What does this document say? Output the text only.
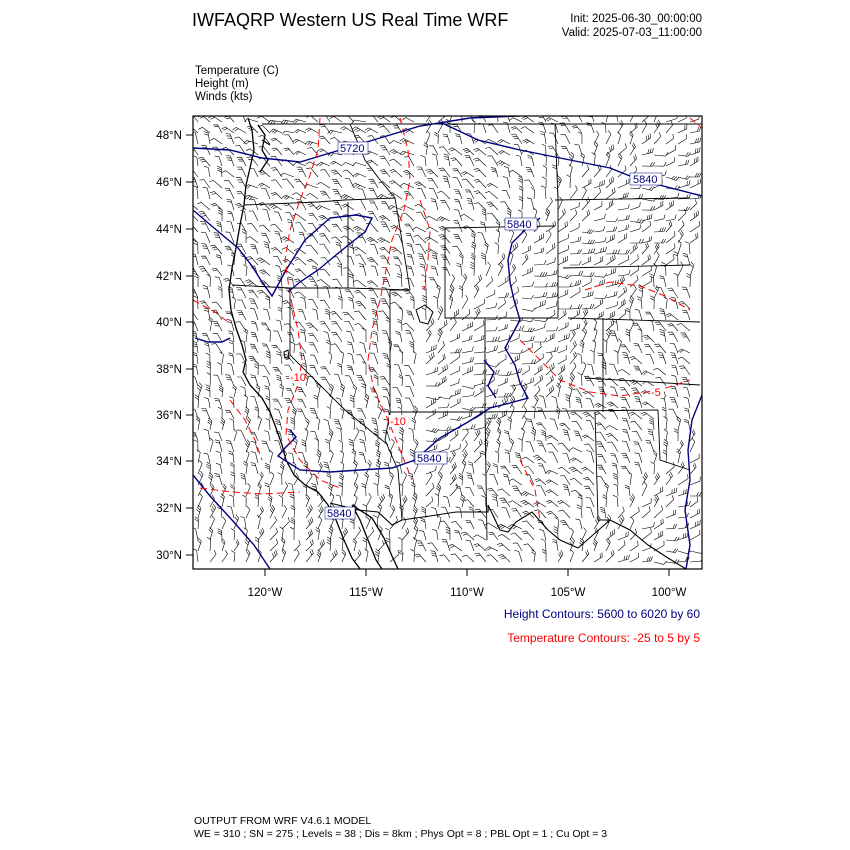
IWFAQRP Western US Real Time WRF	Init: 2025-06-30_00:00:00
Valid: 2025-07-03_11:00:00
Temperature (C)
Height (m)
Winds (kts)
5720
5840
5840
5840
5840
-10
-10
-5
48°N
46°N
44°N
42°N
40°N
38°N
36°N
34°N
32°N
30°N
120°W	115°W	110°W	105°W	100°W
Height Contours: 5600 to 6020 by 60
Temperature Contours: -25 to 5 by 5
OUTPUT FROM WRF V4.6.1 MODEL
WE = 310 ; SN = 275 ; Levels = 38 ; Dis = 8km ; Phys Opt = 8 ; PBL Opt = 1 ; Cu Opt = 3
